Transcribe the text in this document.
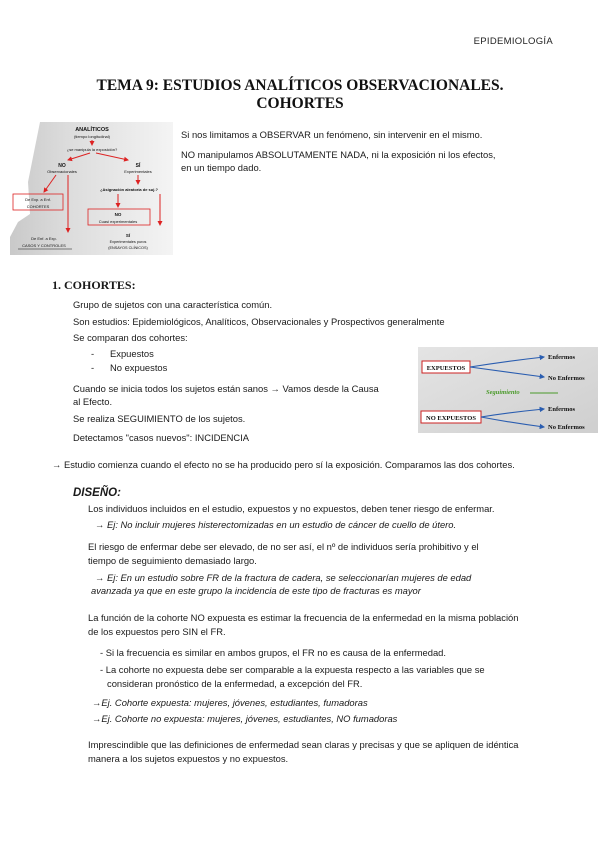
EPIDEMIOLOGÍA
TEMA 9: ESTUDIOS ANALÍTICOS OBSERVACIONALES.
COHORTES
ANALÍTICOS
(tiempo longitudinal)
¿se manipula la exposición?
NO
Observacionales
SÍ
Experimentales
¿Asignación aleatoria de suj.?
De Exp. a Enf.
COHORTES
NO
Cuasi experimentales
De Enf. a Exp.
CASOS Y CONTROLES
SÍ
Experimentales puros
(ENSAYOS CLÍNICOS)
Si nos limitamos a OBSERVAR un fenómeno, sin intervenir en el mismo.
NO manipulamos ABSOLUTAMENTE NADA, ni la exposición ni los efectos,
en un tiempo dado.
1. COHORTES:
Grupo de sujetos con una característica común.
Son estudios: Epidemiológicos, Analíticos, Observacionales y Prospectivos generalmente
Se comparan dos cohortes:
- Expuestos
- No expuestos
Cuando se inicia todos los sujetos están sanos → Vamos desde la Causa
al Efecto.
Se realiza SEGUIMIENTO de los sujetos.
Detectamos "casos nuevos": INCIDENCIA
→ Estudio comienza cuando el efecto no se ha producido pero sí la exposición. Comparamos las dos cohortes.
EXPUESTOS
Enfermos
No Enfermos
Seguimiento
NO EXPUESTOS
Enfermos
No Enfermos
DISEÑO:
Los individuos incluidos en el estudio, expuestos y no expuestos, deben tener riesgo de enfermar.
→ Ej: No incluir mujeres histerectomizadas en un estudio de cáncer de cuello de útero.
El riesgo de enfermar debe ser elevado, de no ser así, el nº de individuos sería prohibitivo y el
tiempo de seguimiento demasiado largo.
→ Ej: En un estudio sobre FR de la fractura de cadera, se seleccionarían mujeres de edad
avanzada ya que en este grupo la incidencia de este tipo de fracturas es mayor
La función de la cohorte NO expuesta es estimar la frecuencia de la enfermedad en la misma población
de los expuestos pero SIN el FR.
- Si la frecuencia es similar en ambos grupos, el FR no es causa de la enfermedad.
- La cohorte no expuesta debe ser comparable a la expuesta respecto a las variables que se
consideran pronóstico de la enfermedad, a excepción del FR.
→Ej. Cohorte expuesta: mujeres, jóvenes, estudiantes, fumadoras
→Ej. Cohorte no expuesta: mujeres, jóvenes, estudiantes, NO fumadoras
Imprescindible que las definiciones de enfermedad sean claras y precisas y que se apliquen de idéntica
manera a los sujetos expuestos y no expuestos.
